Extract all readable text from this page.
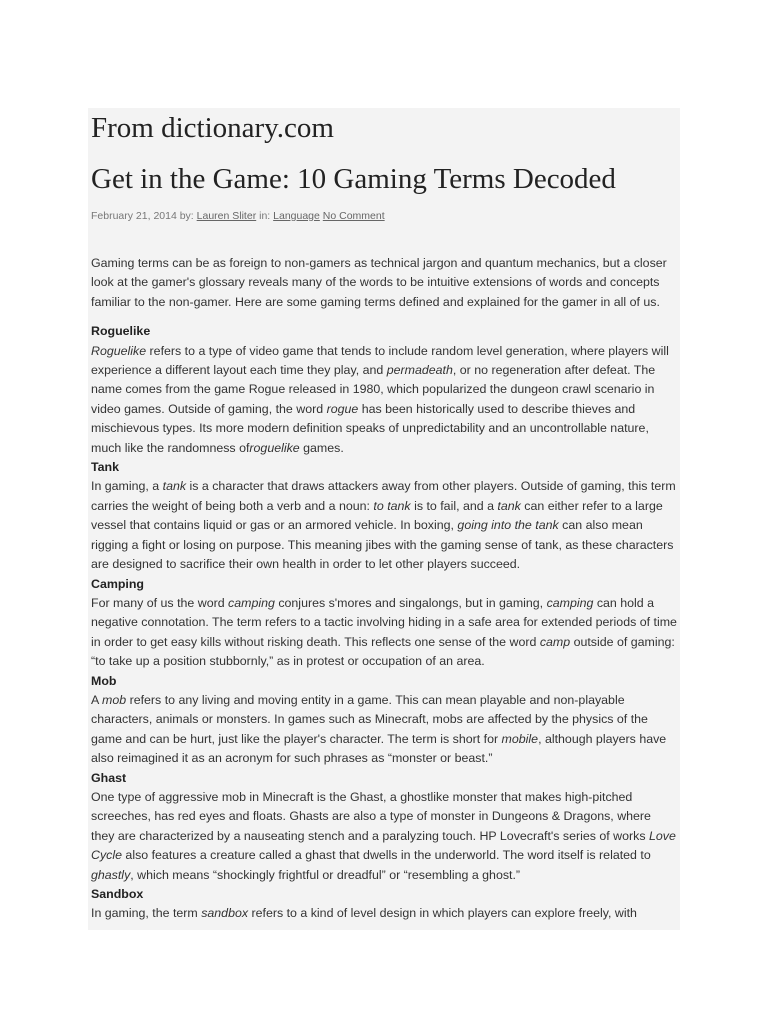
From dictionary.com
Get in the Game: 10 Gaming Terms Decoded
February 21, 2014 by: Lauren Sliter in: Language No Comment

Gaming terms can be as foreign to non-gamers as technical jargon and quantum mechanics, but a closer look at the gamer's glossary reveals many of the words to be intuitive extensions of words and concepts familiar to the non-gamer. Here are some gaming terms defined and explained for the gamer in all of us.

Roguelike

Roguelike refers to a type of video game that tends to include random level generation, where players will experience a different layout each time they play, and permadeath, or no regeneration after defeat. The name comes from the game Rogue released in 1980, which popularized the dungeon crawl scenario in video games. Outside of gaming, the word rogue has been historically used to describe thieves and mischievous types. Its more modern definition speaks of unpredictability and an uncontrollable nature, much like the randomness ofroguelike games.

Tank

In gaming, a tank is a character that draws attackers away from other players. Outside of gaming, this term carries the weight of being both a verb and a noun: to tank is to fail, and a tank can either refer to a large vessel that contains liquid or gas or an armored vehicle. In boxing, going into the tank can also mean rigging a fight or losing on purpose. This meaning jibes with the gaming sense of tank, as these characters are designed to sacrifice their own health in order to let other players succeed.

Camping

For many of us the word camping conjures s'mores and singalongs, but in gaming, camping can hold a negative connotation. The term refers to a tactic involving hiding in a safe area for extended periods of time in order to get easy kills without risking death. This reflects one sense of the word camp outside of gaming: “to take up a position stubbornly,” as in protest or occupation of an area.

Mob

A mob refers to any living and moving entity in a game. This can mean playable and non-playable characters, animals or monsters. In games such as Minecraft, mobs are affected by the physics of the game and can be hurt, just like the player's character. The term is short for mobile, although players have also reimagined it as an acronym for such phrases as “monster or beast.”

Ghast

One type of aggressive mob in Minecraft is the Ghast, a ghostlike monster that makes high-pitched screeches, has red eyes and floats. Ghasts are also a type of monster in Dungeons & Dragons, where they are characterized by a nauseating stench and a paralyzing touch. HP Lovecraft's series of works Love Cycle also features a creature called a ghast that dwells in the underworld. The word itself is related to ghastly, which means “shockingly frightful or dreadful” or “resembling a ghost.”

Sandbox

In gaming, the term sandbox refers to a kind of level design in which players can explore freely, with
